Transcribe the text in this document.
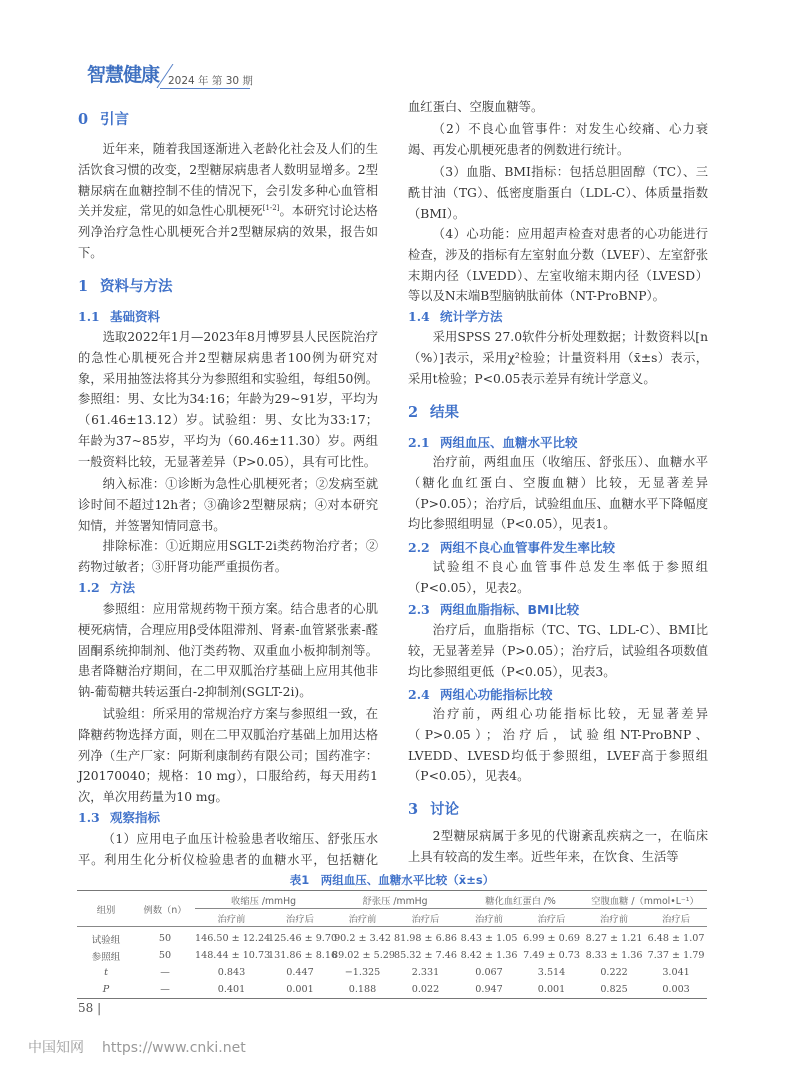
智慧健康 2024 年 第 30 期
0 引言
近年来，随着我国逐渐进入老龄化社会及人们的生活饮食习惯的改变，2型糖尿病患者人数明显增多。2型糖尿病在血糖控制不佳的情况下，会引发多种心血管相关并发症，常见的如急性心肌梗死[1-2]。本研究讨论达格列净治疗急性心肌梗死合并2型糖尿病的效果，报告如下。
1 资料与方法
1.1 基础资料
选取2022年1月—2023年8月博罗县人民医院治疗的急性心肌梗死合并2型糖尿病患者100例为研究对象，采用抽签法将其分为参照组和实验组，每组50例。参照组：男、女比为34:16；年龄为29~91岁，平均为（61.46±13.12）岁。试验组：男、女比为33:17；年龄为37~85岁，平均为（60.46±11.30）岁。两组一般资料比较，无显著差异（P>0.05），具有可比性。
纳入标准：①诊断为急性心肌梗死者；②发病至就诊时间不超过12h者；③确诊2型糖尿病；④对本研究知情，并签署知情同意书。
排除标准：①近期应用SGLT-2i类药物治疗者；②药物过敏者；③肝肾功能严重损伤者。
1.2 方法
参照组：应用常规药物干预方案。结合患者的心肌梗死病情，合理应用β受体阻滞剂、肾素-血管紧张素-醛固酮系统抑制剂、他汀类药物、双重血小板抑制剂等。患者降糖治疗期间，在二甲双胍治疗基础上应用其他非钠-葡萄糖共转运蛋白-2抑制剂(SGLT-2i)。
试验组：所采用的常规治疗方案与参照组一致，在降糖药物选择方面，则在二甲双胍治疗基础上加用达格列净（生产厂家：阿斯利康制药有限公司；国药准字：J20170040；规格：10 mg），口服给药，每天用药1次，单次用药量为10 mg。
1.3 观察指标
（1）应用电子血压计检验患者收缩压、舒张压水平。利用生化分析仪检验患者的血糖水平，包括糖化
血红蛋白、空腹血糖等。
（2）不良心血管事件：对发生心绞痛、心力衰竭、再发心肌梗死患者的例数进行统计。
（3）血脂、BMI指标：包括总胆固醇（TC）、三酰甘油（TG）、低密度脂蛋白（LDL-C）、体质量指数（BMI）。
（4）心功能：应用超声检查对患者的心功能进行检查，涉及的指标有左室射血分数（LVEF）、左室舒张末期内径（LVEDD）、左室收缩末期内径（LVESD）等以及N末端B型脑钠肽前体（NT-ProBNP）。
1.4 统计学方法
采用SPSS 27.0软件分析处理数据；计数资料以[n（%）]表示，采用χ²检验；计量资料用（x̄±s）表示，采用t检验；P<0.05表示差异有统计学意义。
2 结果
2.1 两组血压、血糖水平比较
治疗前，两组血压（收缩压、舒张压）、血糖水平（糖化血红蛋白、空腹血糖）比较，无显著差异（P>0.05）；治疗后，试验组血压、血糖水平下降幅度均比参照组明显（P<0.05），见表1。
2.2 两组不良心血管事件发生率比较
试验组不良心血管事件总发生率低于参照组（P<0.05），见表2。
2.3 两组血脂指标、BMI比较
治疗后，血脂指标（TC、TG、LDL-C）、BMI比较，无显著差异（P>0.05）；治疗后，试验组各项数值均比参照组更低（P<0.05），见表3。
2.4 两组心功能指标比较
治疗前，两组心功能指标比较，无显著差异（P>0.05）；治疗后，试验组NT-ProBNP、LVEDD、LVESD均低于参照组，LVEF高于参照组（P<0.05），见表4。
3 讨论
2型糖尿病属于多见的代谢紊乱疾病之一，在临床上具有较高的发生率。近些年来，在饮食、生活等
表1　两组血压、血糖水平比较（x̄±s）
组别	例数（n）	收缩压 /mmHg		舒张压 /mmHg		糖化血红蛋白 /%		空腹血糖 /（mmol•L⁻¹）	
		治疗前	治疗后	治疗前	治疗后	治疗前	治疗后	治疗前	治疗后
试验组	50	146.50 ± 12.24	125.46 ± 9.70	90.2 ± 3.42	81.98 ± 6.86	8.43 ± 1.05	6.99 ± 0.69	8.27 ± 1.21	6.48 ± 1.07
参照组	50	148.44 ± 10.73	131.86 ± 8.16	89.02 ± 5.29	85.32 ± 7.46	8.42 ± 1.36	7.49 ± 0.73	8.33 ± 1.36	7.37 ± 1.79
t	—	0.843	0.447	−1.325	2.331	0.067	3.514	0.222	3.041
P	—	0.401	0.001	0.188	0.022	0.947	0.001	0.825	0.003
58 |
中国知网 https://www.cnki.net
